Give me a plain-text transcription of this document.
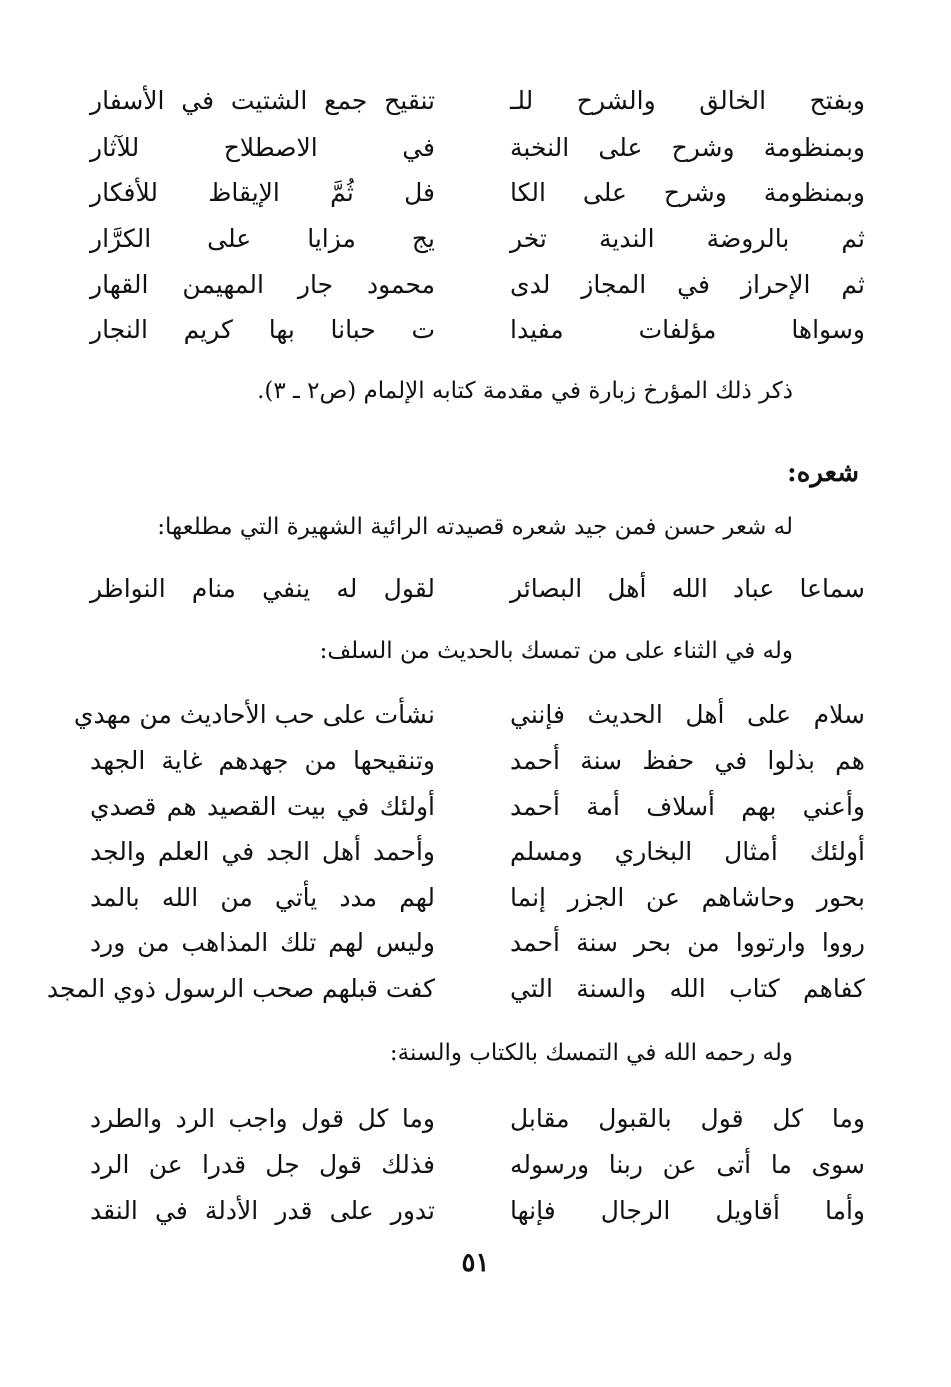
وبفتح الخالق والشرح للـ
تنقيح جمع الشتيت في الأسفار
وبمنظومة وشرح على النخبة
في الاصطلاح للآثار
وبمنظومة وشرح على الكا
فل ثُمَّ الإيقاظ للأفكار
ثم بالروضة الندية تخر
يج مزايا على الكرَّار
ثم الإحراز في المجاز لدى
محمود جار المهيمن القهار
وسواها مؤلفات مفيدا
ت حبانا بها كريم النجار
ذكر ذلك المؤرخ زبارة في مقدمة كتابه الإلمام (ص٢ ـ ٣).
شعره:
له شعر حسن فمن جيد شعره قصيدته الرائية الشهيرة التي مطلعها:
سماعا عباد الله أهل البصائر
لقول له ينفي منام النواظر
وله في الثناء على من تمسك بالحديث من السلف:
سلام على أهل الحديث فإنني
نشأت على حب الأحاديث من مهدي
هم بذلوا في حفظ سنة أحمد
وتنقيحها من جهدهم غاية الجهد
وأعني بهم أسلاف أمة أحمد
أولئك في بيت القصيد هم قصدي
أولئك أمثال البخاري ومسلم
وأحمد أهل الجد في العلم والجد
بحور وحاشاهم عن الجزر إنما
لهم مدد يأتي من الله بالمد
رووا وارتووا من بحر سنة أحمد
وليس لهم تلك المذاهب من ورد
كفاهم كتاب الله والسنة التي
كفت قبلهم صحب الرسول ذوي المجد
وله رحمه الله في التمسك بالكتاب والسنة:
وما كل قول بالقبول مقابل
وما كل قول واجب الرد والطرد
سوى ما أتى عن ربنا ورسوله
فذلك قول جل قدرا عن الرد
وأما أقاويل الرجال فإنها
تدور على قدر الأدلة في النقد
٥١
